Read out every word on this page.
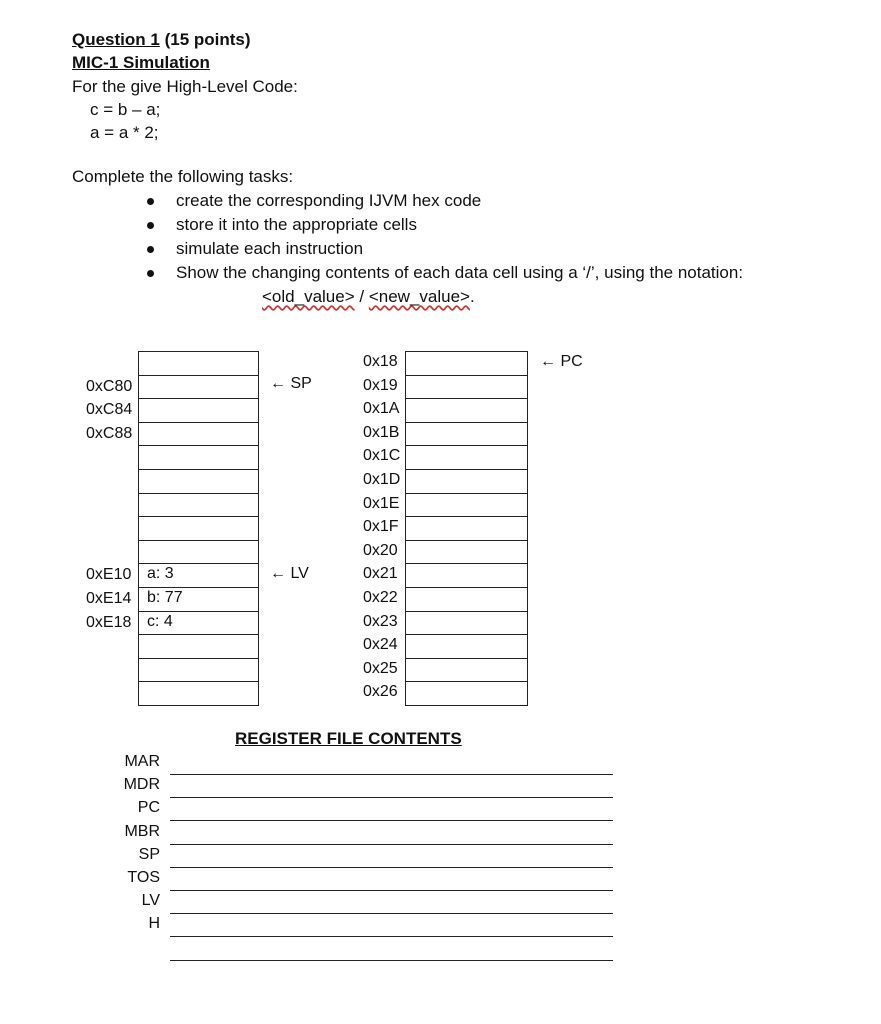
Question 1 (15 points)
MIC-1 Simulation
For the give High-Level Code:
c = b – a;
a = a * 2;
Complete the following tasks:
create the corresponding IJVM hex code
store it into the appropriate cells
simulate each instruction
Show the changing contents of each data cell using a ‘/’, using the notation:
<old_value> / <new_value>.
0xC80
0xC84
0xC88
a: 3
0xE10
b: 77
0xE14
c: 4
0xE18
← SP
← LV
0x18
0x19
0x1A
0x1B
0x1C
0x1D
0x1E
0x1F
0x20
0x21
0x22
0x23
0x24
0x25
0x26
← PC
REGISTER FILE CONTENTS
MAR
MDR
PC
MBR
SP
TOS
LV
H
